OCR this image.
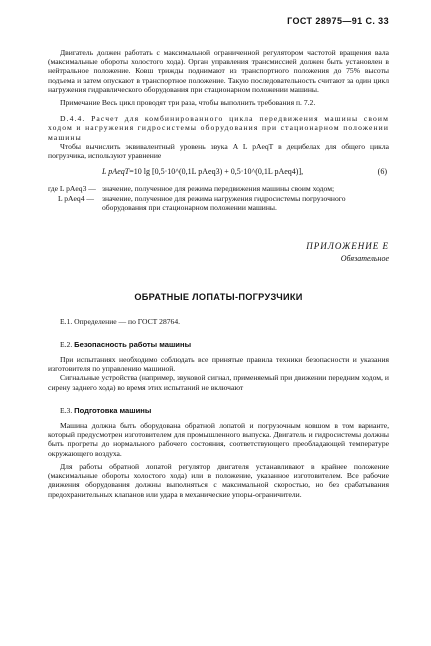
ГОСТ 28975—91 С. 33

Двигатель должен работать с максимальной ограниченной регулятором частотой вращения вала (максимальные обороты холостого хода). Орган управления трансмиссией должен быть установлен в нейтральное положение. Ковш трижды поднимают из транспортного положения до 75% высоты подъема и затем опускают в транспортное положение. Такую последовательность считают за один цикл нагружения гидравлического оборудования при стационарном положении машины.

Примечание Весь цикл проводят три раза, чтобы выполнить требования п. 7.2.

D.4.4. Расчет для комбинированного цикла передвижения машины своим ходом и нагружения гидросистемы оборудования при стационарном положении машины

Чтобы вычислить эквивалентный уровень звука A L pAeqT в децибелах для общего цикла погрузчика, используют уравнение

L pAeqT =10 lg [0,5·10^(0,1L pAeq3) + 0,5·10^(0,1L pAeq4)],	(6)
где L pAeq3 — значение, полученное для режима передвижения машины своим ходом;
L pAeq4 —	значение, полученное для режима нагружения гидросистемы погрузочного оборудования при стационарном положении машины.
ПРИЛОЖЕНИЕ Е
Обязательное
ОБРАТНЫЕ ЛОПАТЫ-ПОГРУЗЧИКИ

Е.1. Определение — по ГОСТ 28764.

Е.2. Безопасность работы машины

При испытаниях необходимо соблюдать все принятые правила техники безопасности и указания изготовителя по управлению машиной.

Сигнальные устройства (например, звуковой сигнал, применяемый при движении передним ходом, и сирену заднего хода) во время этих испытаний не включают

Е.3. Подготовка машины

Машина должна быть оборудована обратной лопатой и погрузочным ковшом в том варианте, который предусмотрен изготовителем для промышленного выпуска. Двигатель и гидросистемы должны быть прогреты до нормального рабочего состояния, соответствующего преобладающей температуре окружающего воздуха.

Для работы обратной лопатой регулятор двигателя устанавливают в крайнее положение (максимальные обороты холостого хода) или в положение, указанное изготовителем. Все рабочие движения оборудования должны выполняться с максимальной скоростью, но без срабатывания предохранительных клапанов или удара в механические упоры-ограничители.
